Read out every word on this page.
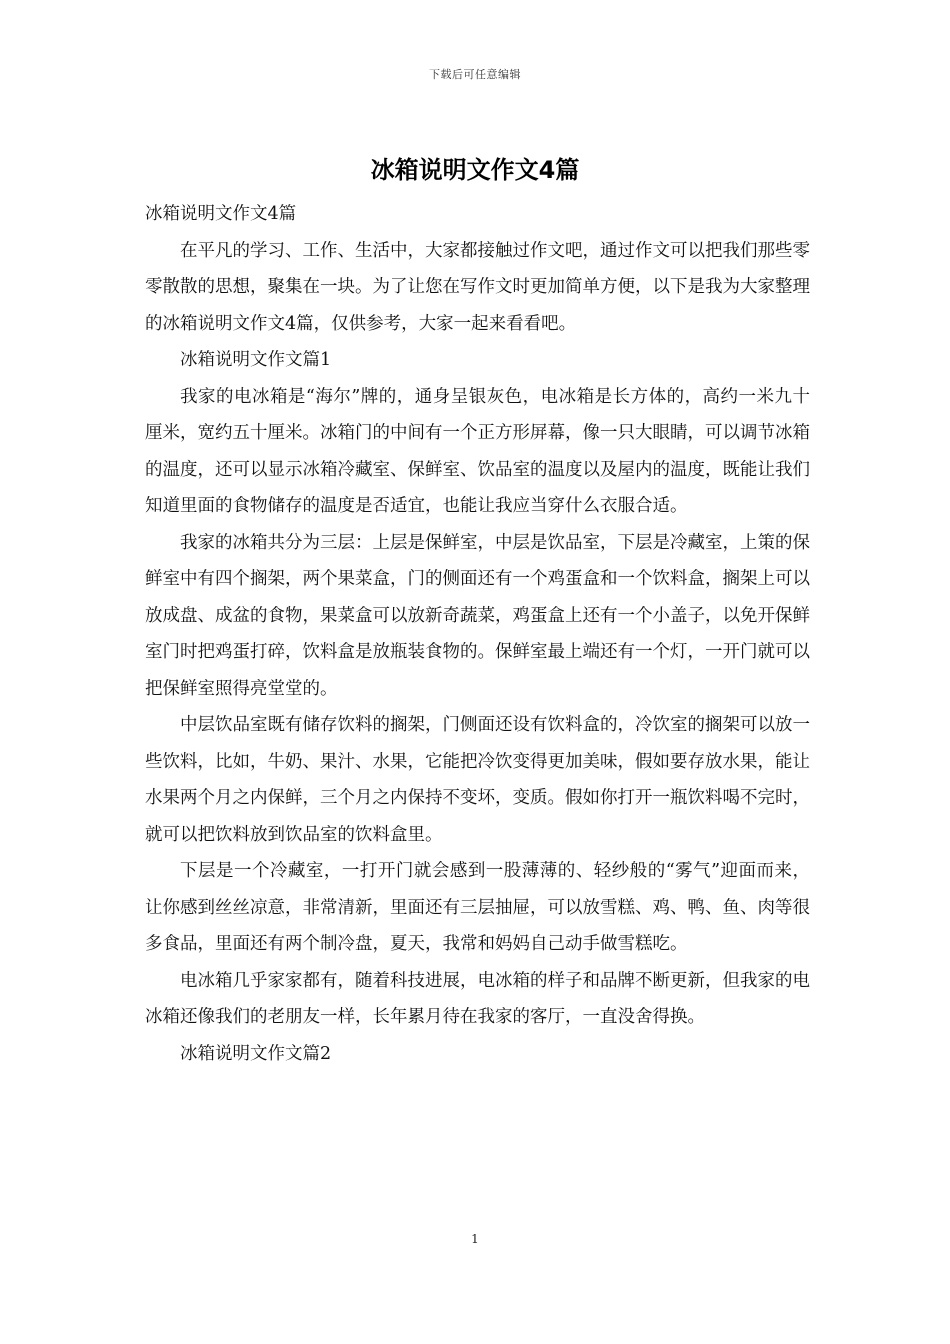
下载后可任意编辑
冰箱说明文作文4篇

冰箱说明文作文4篇

在平凡的学习、工作、生活中，大家都接触过作文吧，通过作文可以把我们那些零零散散的思想，聚集在一块。为了让您在写作文时更加简单方便，以下是我为大家整理的冰箱说明文作文4篇，仅供参考，大家一起来看看吧。

冰箱说明文作文篇1

我家的电冰箱是“海尔”牌的，通身呈银灰色，电冰箱是长方体的，高约一米九十厘米，宽约五十厘米。冰箱门的中间有一个正方形屏幕，像一只大眼睛，可以调节冰箱的温度，还可以显示冰箱冷藏室、保鲜室、饮品室的温度以及屋内的温度，既能让我们知道里面的食物储存的温度是否适宜，也能让我应当穿什么衣服合适。

我家的冰箱共分为三层：上层是保鲜室，中层是饮品室，下层是冷藏室，上策的保鲜室中有四个搁架，两个果菜盒，门的侧面还有一个鸡蛋盒和一个饮料盒，搁架上可以放成盘、成盆的食物，果菜盒可以放新奇蔬菜，鸡蛋盒上还有一个小盖子，以免开保鲜室门时把鸡蛋打碎，饮料盒是放瓶装食物的。保鲜室最上端还有一个灯，一开门就可以把保鲜室照得亮堂堂的。

中层饮品室既有储存饮料的搁架，门侧面还设有饮料盒的，冷饮室的搁架可以放一些饮料，比如，牛奶、果汁、水果，它能把冷饮变得更加美味，假如要存放水果，能让水果两个月之内保鲜，三个月之内保持不变坏，变质。假如你打开一瓶饮料喝不完时，就可以把饮料放到饮品室的饮料盒里。

下层是一个冷藏室，一打开门就会感到一股薄薄的、轻纱般的“雾气”迎面而来，让你感到丝丝凉意，非常清新，里面还有三层抽屉，可以放雪糕、鸡、鸭、鱼、肉等很多食品，里面还有两个制冷盘，夏天，我常和妈妈自己动手做雪糕吃。

电冰箱几乎家家都有，随着科技进展，电冰箱的样子和品牌不断更新，但我家的电冰箱还像我们的老朋友一样，长年累月待在我家的客厅，一直没舍得换。

冰箱说明文作文篇2

1
